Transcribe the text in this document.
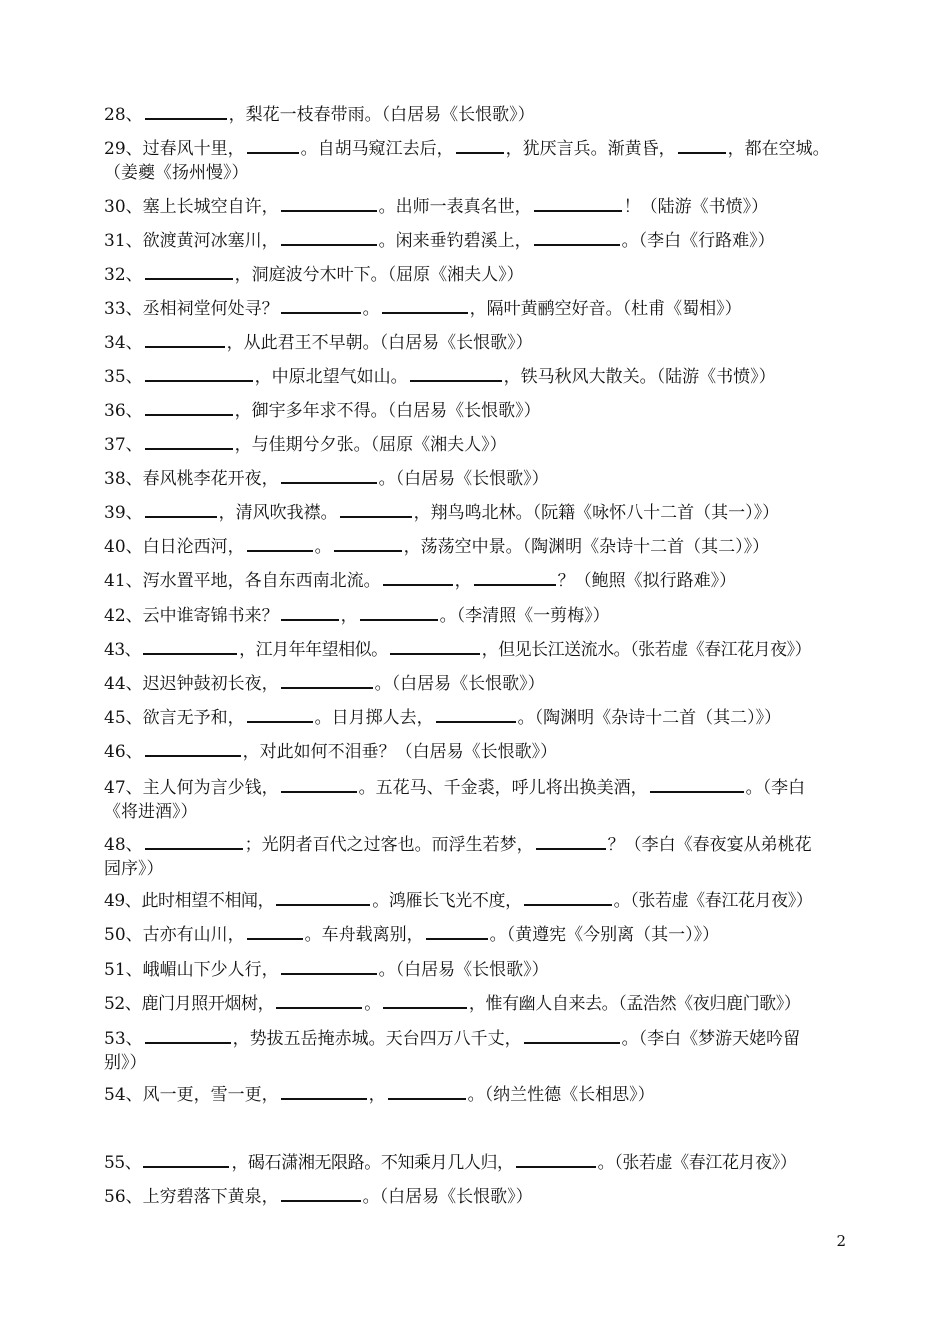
28、	，梨花一枝春带雨。（白居易《长恨歌》）
29、过春风十里，	。自胡马窥江去后，	，犹厌言兵。渐黄昏，	，都在空城。
（姜夔《扬州慢》）
30、塞上长城空自许，	。出师一表真名世，	！（陆游《书愤》）
31、欲渡黄河冰塞川，	。闲来垂钓碧溪上，	。（李白《行路难》）
32、	，洞庭波兮木叶下。（屈原《湘夫人》）
33、丞相祠堂何处寻？	。	，隔叶黄鹂空好音。（杜甫《蜀相》）
34、	，从此君王不早朝。（白居易《长恨歌》）
35、	，中原北望气如山。	，铁马秋风大散关。（陆游《书愤》）
36、	，御宇多年求不得。（白居易《长恨歌》）
37、	，与佳期兮夕张。（屈原《湘夫人》）
38、春风桃李花开夜，	。（白居易《长恨歌》）
39、	，清风吹我襟。	，翔鸟鸣北林。（阮籍《咏怀八十二首（其一）》）
40、白日沦西河，	。	，荡荡空中景。（陶渊明《杂诗十二首（其二）》）
41、泻水置平地，各自东西南北流。	，	？（鲍照《拟行路难》）
42、云中谁寄锦书来？	，	。（李清照《一剪梅》）
43、	，江月年年望相似。	，但见长江送流水。（张若虚《春江花月夜》）
44、迟迟钟鼓初长夜，	。（白居易《长恨歌》）
45、欲言无予和，	。日月掷人去，	。（陶渊明《杂诗十二首（其二）》）
46、	，对此如何不泪垂？（白居易《长恨歌》）
47、主人何为言少钱，	。五花马、千金裘，呼儿将出换美酒，	。（李白
《将进酒》）
48、	；光阴者百代之过客也。而浮生若梦，	？（李白《春夜宴从弟桃花
园序》）
49、此时相望不相闻，	。鸿雁长飞光不度，	。（张若虚《春江花月夜》）
50、古亦有山川，	。车舟载离别，	。（黄遵宪《今别离（其一）》）
51、峨嵋山下少人行，	。（白居易《长恨歌》）
52、鹿门月照开烟树，	。	，惟有幽人自来去。（孟浩然《夜归鹿门歌》）
53、	，势拔五岳掩赤城。天台四万八千丈，	。（李白《梦游天姥吟留
别》）
54、风一更，雪一更，	，	。（纳兰性德《长相思》）
55、	，碣石潇湘无限路。不知乘月几人归，	。（张若虚《春江花月夜》）
56、上穷碧落下黄泉，	。（白居易《长恨歌》）
2
